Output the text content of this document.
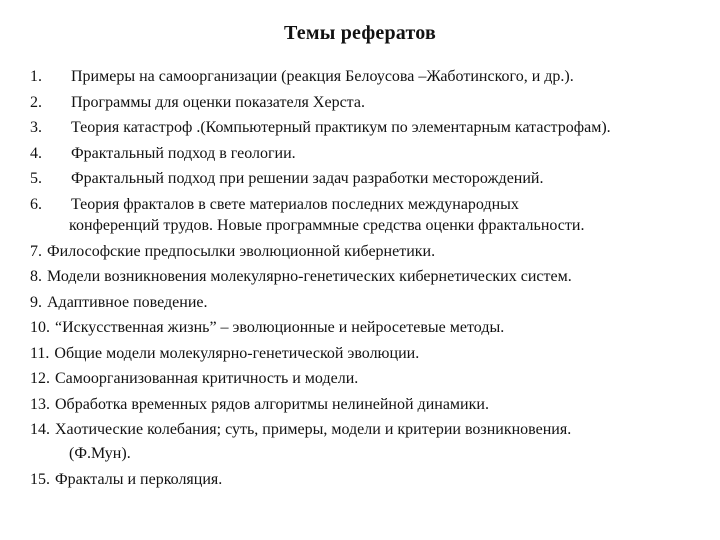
Темы рефератов
1.	Примеры на самоорганизации (реакция Белоусова –Жаботинского, и др.).
2.	Программы для оценки показателя Херста.
3.	Теория катастроф .(Компьютерный практикум по элементарным катастрофам).
4.	Фрактальный подход в геологии.
5.	Фрактальный подход при решении задач разработки месторождений.
6.	Теория фракталов в свете материалов последних международных
конференций трудов. Новые программные средства оценки фрактальности.
7. Философские предпосылки эволюционной кибернетики.
8. Модели возникновения молекулярно-генетических кибернетических систем.
9. Адаптивное поведение.
10. “Искусственная жизнь” – эволюционные и нейросетевые методы.
11. Общие модели молекулярно-генетической эволюции.
12. Самоорганизованная критичность и модели.
13. Обработка временных рядов алгоритмы нелинейной динамики.
14. Хаотические колебания; суть, примеры, модели и критерии возникновения.
(Ф.Мун).
15. Фракталы и перколяция.
